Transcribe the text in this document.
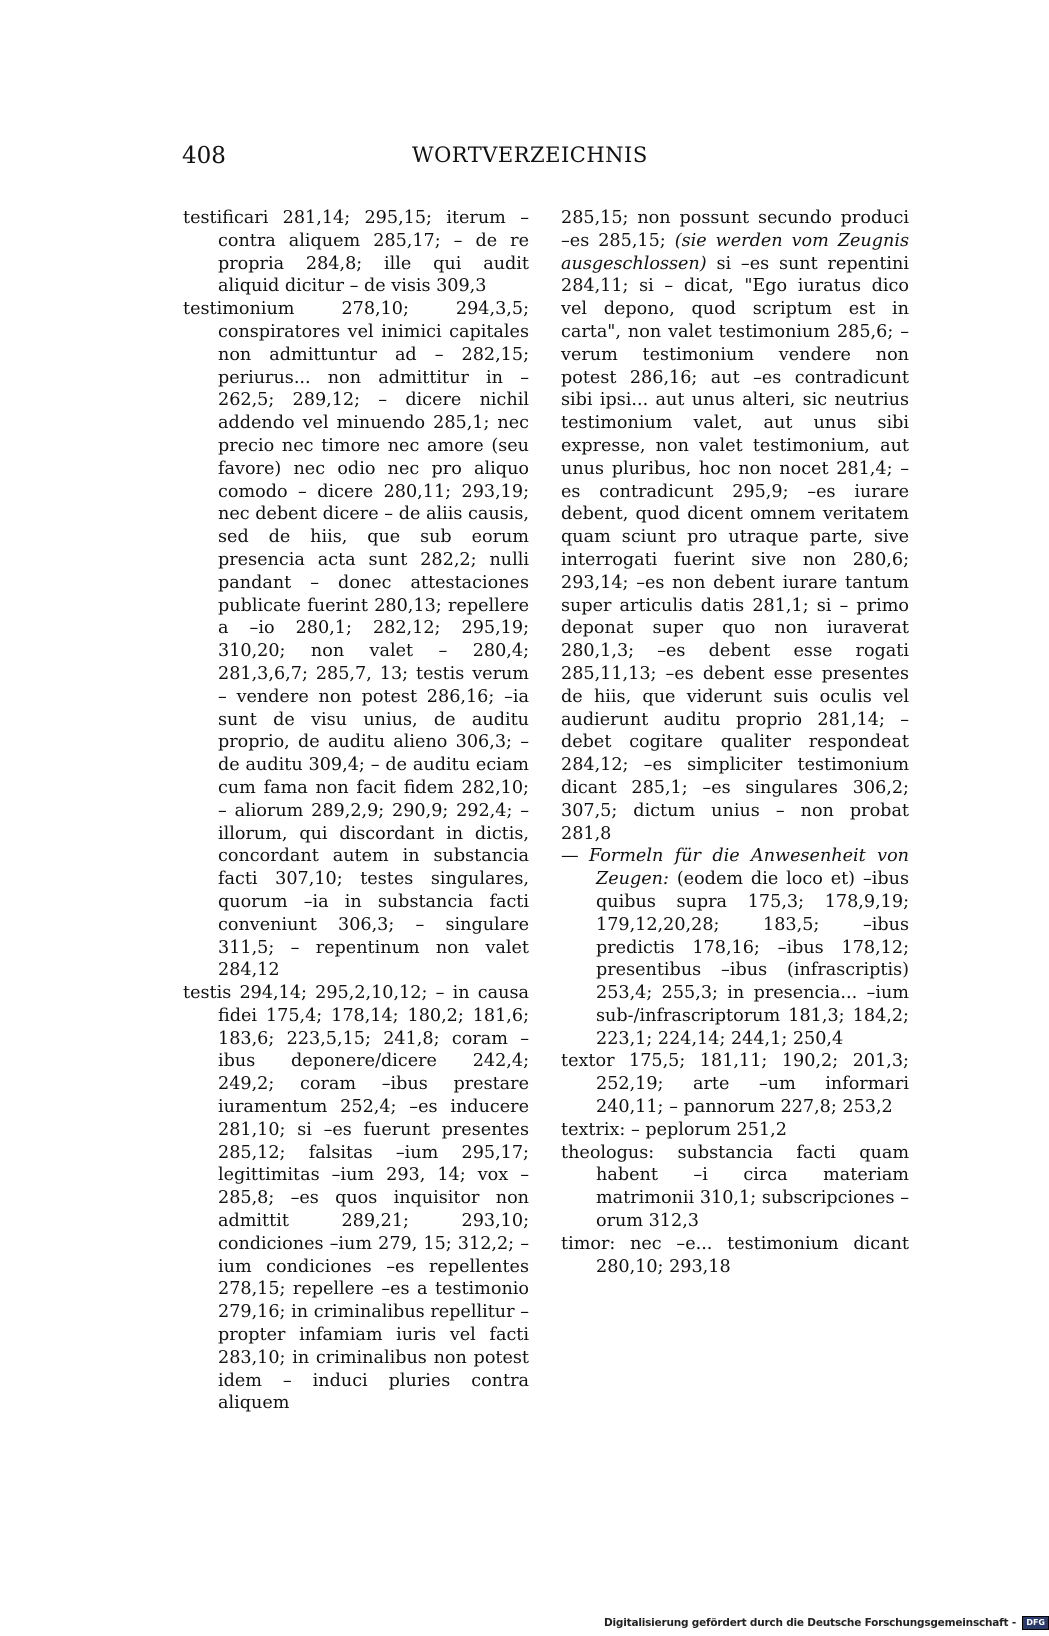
408	WORTVERZEICHNIS

testificari 281,14; 295,15; iterum – contra aliquem 285,17; – de re propria 284,8; ille qui audit aliquid dicitur – de visis 309,3

testimonium 278,10; 294,3,5; conspiratores vel inimici capitales non admittuntur ad – 282,15; periurus... non admittitur in – 262,5; 289,12; – dicere nichil addendo vel minuendo 285,1; nec precio nec timore nec amore (seu favore) nec odio nec pro aliquo comodo – dicere 280,11; 293,19; nec debent dicere – de aliis causis, sed de hiis, que sub eorum presencia acta sunt 282,2; nulli pandant – donec attestaciones publicate fuerint 280,13; repellere a –io 280,1; 282,12; 295,19; 310,20; non valet – 280,4; 281,3,6,7; 285,7, 13; testis verum – vendere non potest 286,16; –ia sunt de visu unius, de auditu proprio, de auditu alieno 306,3; – de auditu 309,4; – de auditu eciam cum fama non facit fidem 282,10; – aliorum 289,2,9; 290,9; 292,4; – illorum, qui discordant in dictis, concordant autem in substancia facti 307,10; testes singulares, quorum –ia in substancia facti conveniunt 306,3; – singulare 311,5; – repentinum non valet 284,12

testis 294,14; 295,2,10,12; – in causa fidei 175,4; 178,14; 180,2; 181,6; 183,6; 223,5,15; 241,8; coram –ibus deponere/dicere 242,4; 249,2; coram –ibus prestare iuramentum 252,4; –es inducere 281,10; si –es fuerunt presentes 285,12; falsitas –ium 295,17; legittimitas –ium 293, 14; vox – 285,8; –es quos inquisitor non admittit 289,21; 293,10; condiciones –ium 279, 15; 312,2; –ium condiciones –es repellentes 278,15; repellere –es a testimonio 279,16; in criminalibus repellitur – propter infamiam iuris vel facti 283,10; in criminalibus non potest idem – induci pluries contra aliquem

285,15; non possunt secundo produci –es 285,15; (sie werden vom Zeugnis ausgeschlossen) si –es sunt repentini 284,11; si – dicat, "Ego iuratus dico vel depono, quod scriptum est in carta", non valet testimonium 285,6; – verum testimonium vendere non potest 286,16; aut –es contradicunt sibi ipsi... aut unus alteri, sic neutrius testimonium valet, aut unus sibi expresse, non valet testimonium, aut unus pluribus, hoc non nocet 281,4; –es contradicunt 295,9; –es iurare debent, quod dicent omnem veritatem quam sciunt pro utraque parte, sive interrogati fuerint sive non 280,6; 293,14; –es non debent iurare tantum super articulis datis 281,1; si – primo deponat super quo non iuraverat 280,1,3; –es debent esse rogati 285,11,13; –es debent esse presentes de hiis, que viderunt suis oculis vel audierunt auditu proprio 281,14; – debet cogitare qualiter respondeat 284,12; –es simpliciter testimonium dicant 285,1; –es singulares 306,2; 307,5; dictum unius – non probat 281,8

— Formeln für die Anwesenheit von Zeugen: (eodem die loco et) –ibus quibus supra 175,3; 178,9,19; 179,12,20,28; 183,5; –ibus predictis 178,16; –ibus 178,12; presentibus –ibus (infrascriptis) 253,4; 255,3; in presencia... –ium sub-/infrascriptorum 181,3; 184,2; 223,1; 224,14; 244,1; 250,4

textor 175,5; 181,11; 190,2; 201,3; 252,19; arte –um informari 240,11; – pannorum 227,8; 253,2

textrix: – peplorum 251,2

theologus: substancia facti quam habent –i circa materiam matrimonii 310,1; subscripciones –orum 312,3

timor: nec –e... testimonium dicant 280,10; 293,18

Digitalisierung gefördert durch die Deutsche Forschungsgemeinschaft - DFG
